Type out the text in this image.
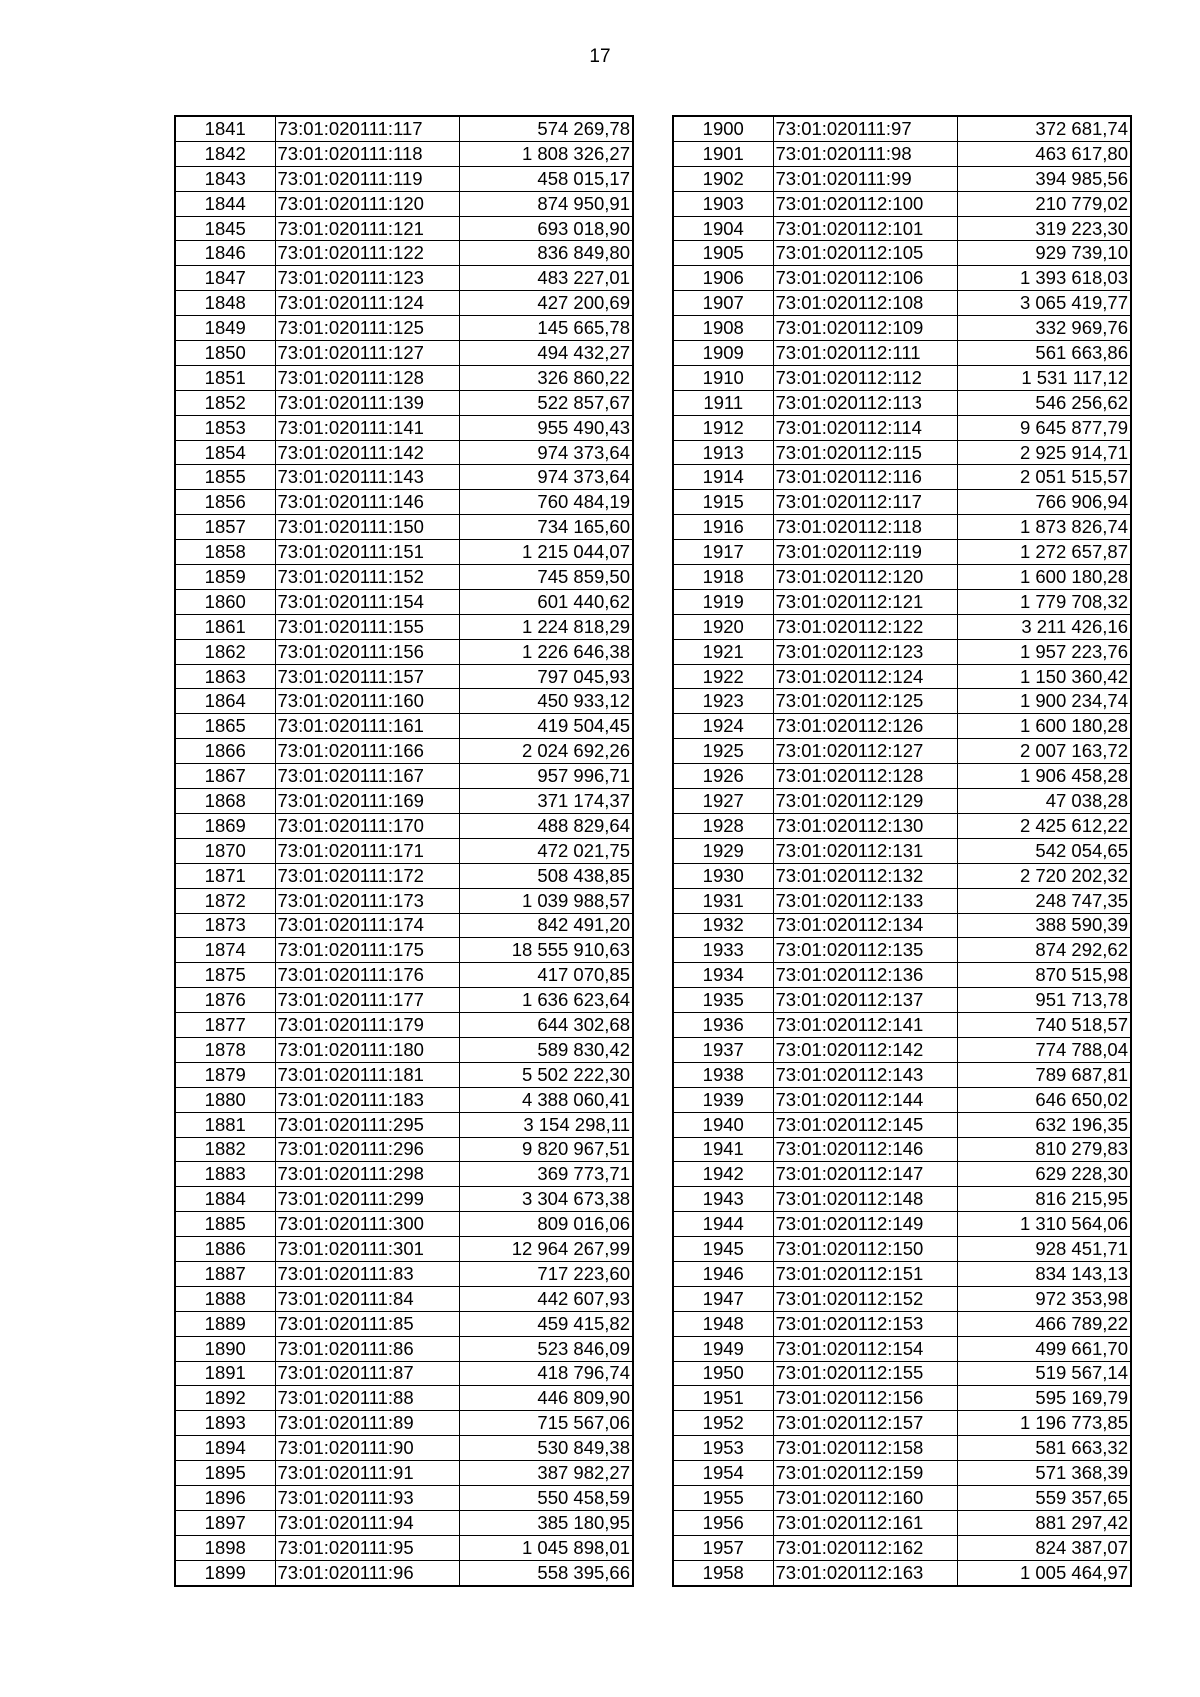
17
1841	73:01:020111:117	574 269,78
1842	73:01:020111:118	1 808 326,27
1843	73:01:020111:119	458 015,17
1844	73:01:020111:120	874 950,91
1845	73:01:020111:121	693 018,90
1846	73:01:020111:122	836 849,80
1847	73:01:020111:123	483 227,01
1848	73:01:020111:124	427 200,69
1849	73:01:020111:125	145 665,78
1850	73:01:020111:127	494 432,27
1851	73:01:020111:128	326 860,22
1852	73:01:020111:139	522 857,67
1853	73:01:020111:141	955 490,43
1854	73:01:020111:142	974 373,64
1855	73:01:020111:143	974 373,64
1856	73:01:020111:146	760 484,19
1857	73:01:020111:150	734 165,60
1858	73:01:020111:151	1 215 044,07
1859	73:01:020111:152	745 859,50
1860	73:01:020111:154	601 440,62
1861	73:01:020111:155	1 224 818,29
1862	73:01:020111:156	1 226 646,38
1863	73:01:020111:157	797 045,93
1864	73:01:020111:160	450 933,12
1865	73:01:020111:161	419 504,45
1866	73:01:020111:166	2 024 692,26
1867	73:01:020111:167	957 996,71
1868	73:01:020111:169	371 174,37
1869	73:01:020111:170	488 829,64
1870	73:01:020111:171	472 021,75
1871	73:01:020111:172	508 438,85
1872	73:01:020111:173	1 039 988,57
1873	73:01:020111:174	842 491,20
1874	73:01:020111:175	18 555 910,63
1875	73:01:020111:176	417 070,85
1876	73:01:020111:177	1 636 623,64
1877	73:01:020111:179	644 302,68
1878	73:01:020111:180	589 830,42
1879	73:01:020111:181	5 502 222,30
1880	73:01:020111:183	4 388 060,41
1881	73:01:020111:295	3 154 298,11
1882	73:01:020111:296	9 820 967,51
1883	73:01:020111:298	369 773,71
1884	73:01:020111:299	3 304 673,38
1885	73:01:020111:300	809 016,06
1886	73:01:020111:301	12 964 267,99
1887	73:01:020111:83	717 223,60
1888	73:01:020111:84	442 607,93
1889	73:01:020111:85	459 415,82
1890	73:01:020111:86	523 846,09
1891	73:01:020111:87	418 796,74
1892	73:01:020111:88	446 809,90
1893	73:01:020111:89	715 567,06
1894	73:01:020111:90	530 849,38
1895	73:01:020111:91	387 982,27
1896	73:01:020111:93	550 458,59
1897	73:01:020111:94	385 180,95
1898	73:01:020111:95	1 045 898,01
1899	73:01:020111:96	558 395,66
1900	73:01:020111:97	372 681,74
1901	73:01:020111:98	463 617,80
1902	73:01:020111:99	394 985,56
1903	73:01:020112:100	210 779,02
1904	73:01:020112:101	319 223,30
1905	73:01:020112:105	929 739,10
1906	73:01:020112:106	1 393 618,03
1907	73:01:020112:108	3 065 419,77
1908	73:01:020112:109	332 969,76
1909	73:01:020112:111	561 663,86
1910	73:01:020112:112	1 531 117,12
1911	73:01:020112:113	546 256,62
1912	73:01:020112:114	9 645 877,79
1913	73:01:020112:115	2 925 914,71
1914	73:01:020112:116	2 051 515,57
1915	73:01:020112:117	766 906,94
1916	73:01:020112:118	1 873 826,74
1917	73:01:020112:119	1 272 657,87
1918	73:01:020112:120	1 600 180,28
1919	73:01:020112:121	1 779 708,32
1920	73:01:020112:122	3 211 426,16
1921	73:01:020112:123	1 957 223,76
1922	73:01:020112:124	1 150 360,42
1923	73:01:020112:125	1 900 234,74
1924	73:01:020112:126	1 600 180,28
1925	73:01:020112:127	2 007 163,72
1926	73:01:020112:128	1 906 458,28
1927	73:01:020112:129	47 038,28
1928	73:01:020112:130	2 425 612,22
1929	73:01:020112:131	542 054,65
1930	73:01:020112:132	2 720 202,32
1931	73:01:020112:133	248 747,35
1932	73:01:020112:134	388 590,39
1933	73:01:020112:135	874 292,62
1934	73:01:020112:136	870 515,98
1935	73:01:020112:137	951 713,78
1936	73:01:020112:141	740 518,57
1937	73:01:020112:142	774 788,04
1938	73:01:020112:143	789 687,81
1939	73:01:020112:144	646 650,02
1940	73:01:020112:145	632 196,35
1941	73:01:020112:146	810 279,83
1942	73:01:020112:147	629 228,30
1943	73:01:020112:148	816 215,95
1944	73:01:020112:149	1 310 564,06
1945	73:01:020112:150	928 451,71
1946	73:01:020112:151	834 143,13
1947	73:01:020112:152	972 353,98
1948	73:01:020112:153	466 789,22
1949	73:01:020112:154	499 661,70
1950	73:01:020112:155	519 567,14
1951	73:01:020112:156	595 169,79
1952	73:01:020112:157	1 196 773,85
1953	73:01:020112:158	581 663,32
1954	73:01:020112:159	571 368,39
1955	73:01:020112:160	559 357,65
1956	73:01:020112:161	881 297,42
1957	73:01:020112:162	824 387,07
1958	73:01:020112:163	1 005 464,97
